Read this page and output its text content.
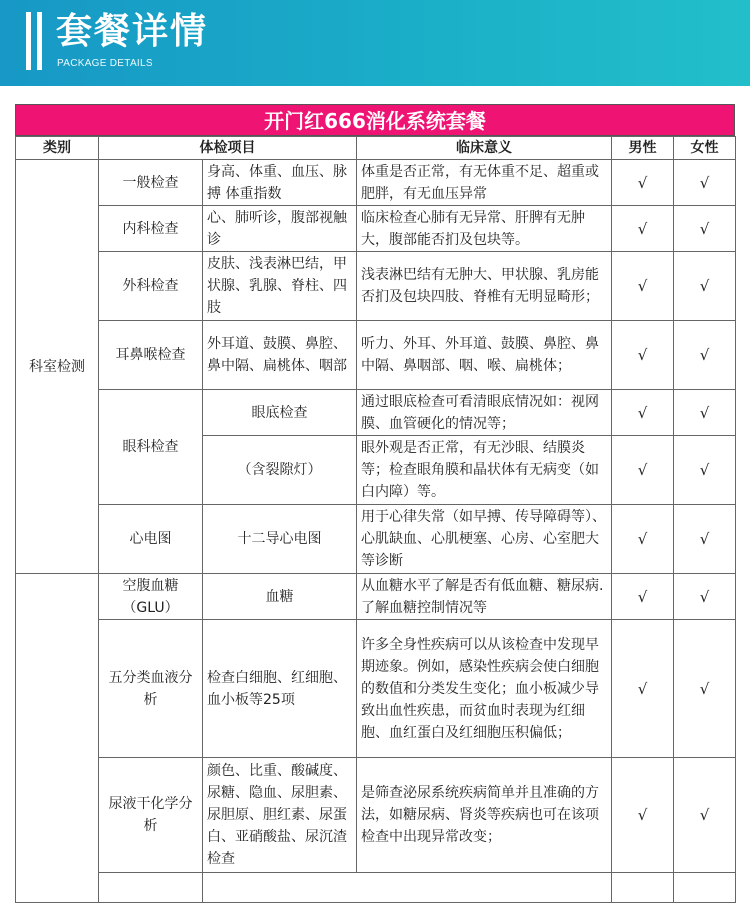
套餐详情
PACKAGE DETAILS
开门红666消化系统套餐
类别	体检项目		临床意义	男性	女性	
科室检测	一般检查	身高、体重、血压、脉搏 体重指数	体重是否正常，有无体重不足、超重或肥胖，有无血压异常	√	√	
	内科检查	心、肺听诊，腹部视触诊	临床检查心肺有无异常、肝脾有无肿大，腹部能否扪及包块等。	√	√	
	外科检查	皮肤、浅表淋巴结，甲状腺、乳腺、脊柱、四肢	浅表淋巴结有无肿大、甲状腺、乳房能否扪及包块四肢、脊椎有无明显畸形；	√	√	
	耳鼻喉检查	外耳道、鼓膜、鼻腔、鼻中隔、扁桃体、咽部	听力、外耳、外耳道、鼓膜、鼻腔、鼻中隔、鼻咽部、咽、喉、扁桃体；	√	√	
	眼科检查	眼底检查	通过眼底检查可看清眼底情况如：视网膜、血管硬化的情况等；	√	√	
		（含裂隙灯）	眼外观是否正常，有无沙眼、结膜炎等；检查眼角膜和晶状体有无病变（如白内障）等。	√	√	
	心电图	十二导心电图	用于心律失常（如早搏、传导障碍等）、心肌缺血、心肌梗塞、心房、心室肥大等诊断	√	√	
	空腹血糖（GLU）	血糖	从血糖水平了解是否有低血糖、糖尿病.了解血糖控制情况等	√	√	
	五分类血液分析	检查白细胞、红细胞、血小板等25项	许多全身性疾病可以从该检查中发现早期迹象。例如，感染性疾病会使白细胞的数值和分类发生变化；血小板减少导致出血性疾患，而贫血时表现为红细胞、血红蛋白及红细胞压积偏低；	√	√	
	尿液干化学分析	颜色、比重、酸碱度、尿糖、隐血、尿胆素、尿胆原、胆红素、尿蛋白、亚硝酸盐、尿沉渣检查	是筛查泌尿系统疾病简单并且准确的方法，如糖尿病、肾炎等疾病也可在该项检查中出现异常改变；	√	√	
